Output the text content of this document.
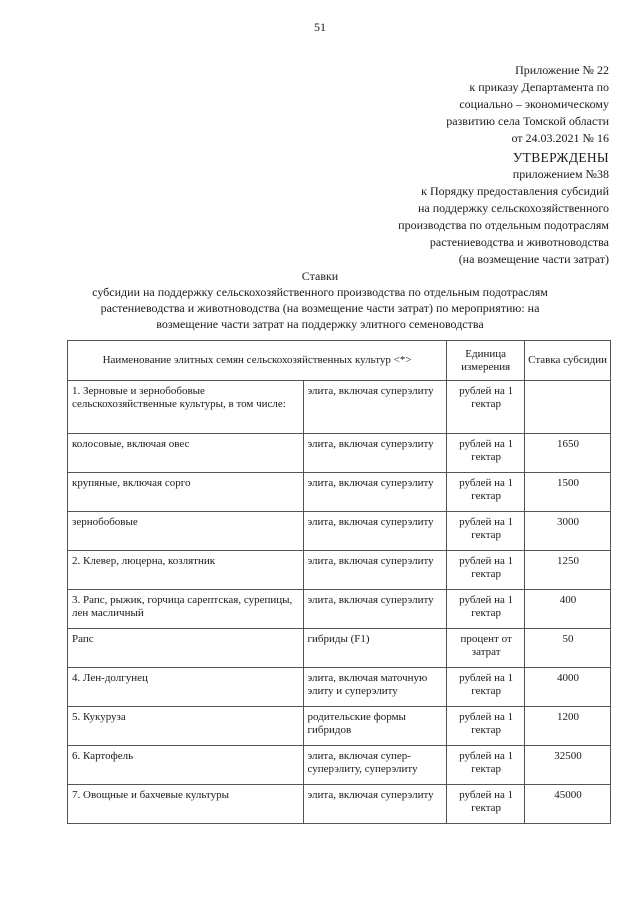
51
Приложение № 22
к приказу Департамента по
социально – экономическому
развитию села Томской области
от 24.03.2021 № 16
УТВЕРЖДЕНЫ
приложением №38
к Порядку предоставления субсидий
на поддержку сельскохозяйственного
производства по отдельным подотраслям
растениеводства и животноводства
(на возмещение части затрат)
Ставки
субсидии на поддержку сельскохозяйственного производства по отдельным подотраслям
растениеводства и животноводства (на возмещение части затрат) по мероприятию: на
возмещение части затрат на поддержку элитного семеноводства
Наименование элитных семян сельскохозяйственных культур <*>		Единица измерения	Ставка субсидии
1. Зерновые и зернобобовые сельскохозяйственные культуры, в том числе:	элита, включая суперэлиту	рублей на 1 гектар	
колосовые, включая овес	элита, включая суперэлиту	рублей на 1 гектар	1650
крупяные, включая сорго	элита, включая суперэлиту	рублей на 1 гектар	1500
зернобобовые	элита, включая суперэлиту	рублей на 1 гектар	3000
2. Клевер, люцерна, козлятник	элита, включая суперэлиту	рублей на 1 гектар	1250
3. Рапс, рыжик, горчица сарептская, сурепицы, лен масличный	элита, включая суперэлиту	рублей на 1 гектар	400
Рапс	гибриды (F1)	процент от затрат	50
4. Лен-долгунец	элита, включая маточную элиту и суперэлиту	рублей на 1 гектар	4000
5. Кукуруза	родительские формы гибридов	рублей на 1 гектар	1200
6. Картофель	элита, включая супер-суперэлиту, суперэлиту	рублей на 1 гектар	32500
7. Овощные и бахчевые культуры	элита, включая суперэлиту	рублей на 1 гектар	45000
